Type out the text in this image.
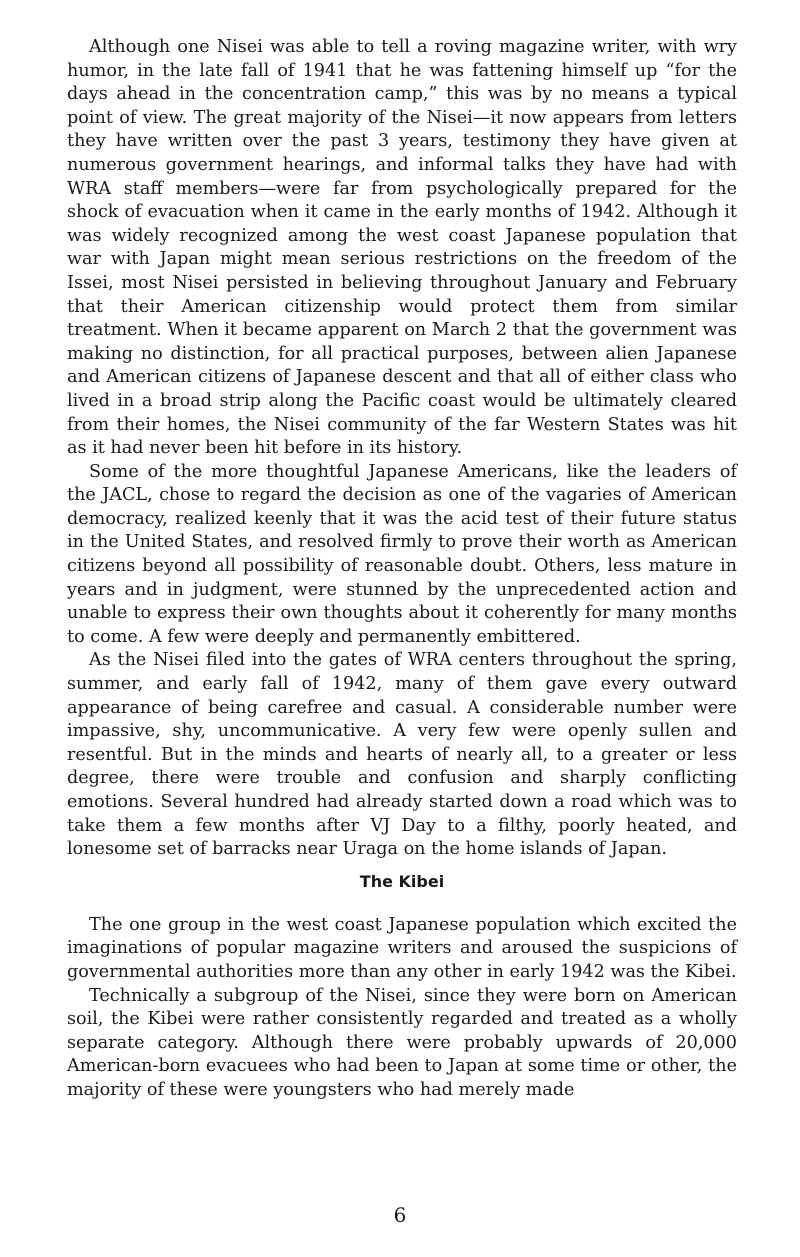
Although one Nisei was able to tell a roving magazine writer, with wry humor, in the late fall of 1941 that he was fattening himself up “for the days ahead in the concentration camp,” this was by no means a typical point of view. The great majority of the Nisei—it now appears from letters they have written over the past 3 years, testimony they have given at numerous government hearings, and informal talks they have had with WRA staff members—were far from psychologically prepared for the shock of evacuation when it came in the early months of 1942. Although it was widely recognized among the west coast Japanese population that war with Japan might mean serious restrictions on the freedom of the Issei, most Nisei persisted in believing throughout January and February that their American citizenship would protect them from similar treatment. When it became apparent on March 2 that the government was making no distinction, for all practical purposes, between alien Japanese and American citizens of Japanese descent and that all of either class who lived in a broad strip along the Pacific coast would be ultimately cleared from their homes, the Nisei community of the far Western States was hit as it had never been hit before in its history.

Some of the more thoughtful Japanese Americans, like the leaders of the JACL, chose to regard the decision as one of the vagaries of American democracy, realized keenly that it was the acid test of their future status in the United States, and resolved firmly to prove their worth as American citizens beyond all possibility of reasonable doubt. Others, less mature in years and in judgment, were stunned by the unprecedented action and unable to express their own thoughts about it coherently for many months to come. A few were deeply and permanently embittered.

As the Nisei filed into the gates of WRA centers throughout the spring, summer, and early fall of 1942, many of them gave every outward appearance of being carefree and casual. A considerable number were impassive, shy, uncommunicative. A very few were openly sullen and resentful. But in the minds and hearts of nearly all, to a greater or less degree, there were trouble and confusion and sharply conflicting emotions. Several hundred had already started down a road which was to take them a few months after VJ Day to a filthy, poorly heated, and lonesome set of barracks near Uraga on the home islands of Japan.

The Kibei

The one group in the west coast Japanese population which excited the imaginations of popular magazine writers and aroused the suspicions of governmental authorities more than any other in early 1942 was the Kibei.

Technically a subgroup of the Nisei, since they were born on American soil, the Kibei were rather consistently regarded and treated as a wholly separate category. Although there were probably upwards of 20,000 American-born evacuees who had been to Japan at some time or other, the majority of these were youngsters who had merely made

6
